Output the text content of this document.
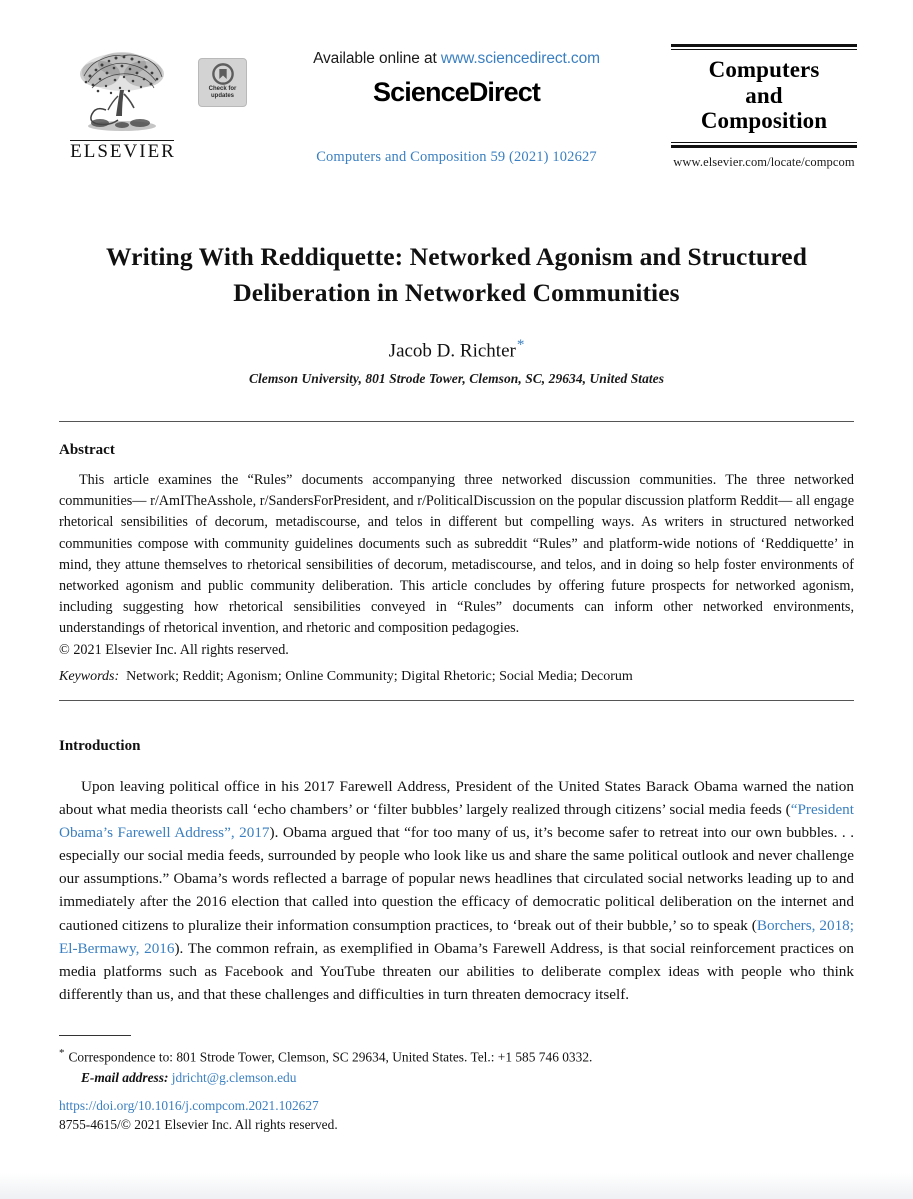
ELSEVIER
Check for
updates
Available online at www.sciencedirect.com
ScienceDirect
Computers and Composition 59 (2021) 102627
Computers
and
Composition
www.elsevier.com/locate/compcom
Writing With Reddiquette: Networked Agonism and Structured Deliberation in Networked Communities
Jacob D. Richter*
Clemson University, 801 Strode Tower, Clemson, SC, 29634, United States
Abstract
This article examines the “Rules” documents accompanying three networked discussion communities. The three networked communities— r/AmITheAsshole, r/SandersForPresident, and r/PoliticalDiscussion on the popular discussion platform Reddit— all engage rhetorical sensibilities of decorum, metadiscourse, and telos in different but compelling ways. As writers in structured networked communities compose with community guidelines documents such as subreddit “Rules” and platform-wide notions of ‘Reddiquette’ in mind, they attune themselves to rhetorical sensibilities of decorum, metadiscourse, and telos, and in doing so help foster environments of networked agonism and public community deliberation. This article concludes by offering future prospects for networked agonism, including suggesting how rhetorical sensibilities conveyed in “Rules” documents can inform other networked environments, understandings of rhetorical invention, and rhetoric and composition pedagogies.
© 2021 Elsevier Inc. All rights reserved.
Keywords: Network; Reddit; Agonism; Online Community; Digital Rhetoric; Social Media; Decorum
Introduction
Upon leaving political office in his 2017 Farewell Address, President of the United States Barack Obama warned the nation about what media theorists call ‘echo chambers’ or ‘filter bubbles’ largely realized through citizens’ social media feeds (“President Obama’s Farewell Address”, 2017). Obama argued that “for too many of us, it’s become safer to retreat into our own bubbles. . . especially our social media feeds, surrounded by people who look like us and share the same political outlook and never challenge our assumptions.” Obama’s words reflected a barrage of popular news headlines that circulated social networks leading up to and immediately after the 2016 election that called into question the efficacy of democratic political deliberation on the internet and cautioned citizens to pluralize their information consumption practices, to ‘break out of their bubble,’ so to speak (Borchers, 2018; El-Bermawy, 2016). The common refrain, as exemplified in Obama’s Farewell Address, is that social reinforcement practices on media platforms such as Facebook and YouTube threaten our abilities to deliberate complex ideas with people who think differently than us, and that these challenges and difficulties in turn threaten democracy itself.
* Correspondence to: 801 Strode Tower, Clemson, SC 29634, United States. Tel.: +1 585 746 0332.
E-mail address: jdricht@g.clemson.edu
https://doi.org/10.1016/j.compcom.2021.102627
8755-4615/© 2021 Elsevier Inc. All rights reserved.
